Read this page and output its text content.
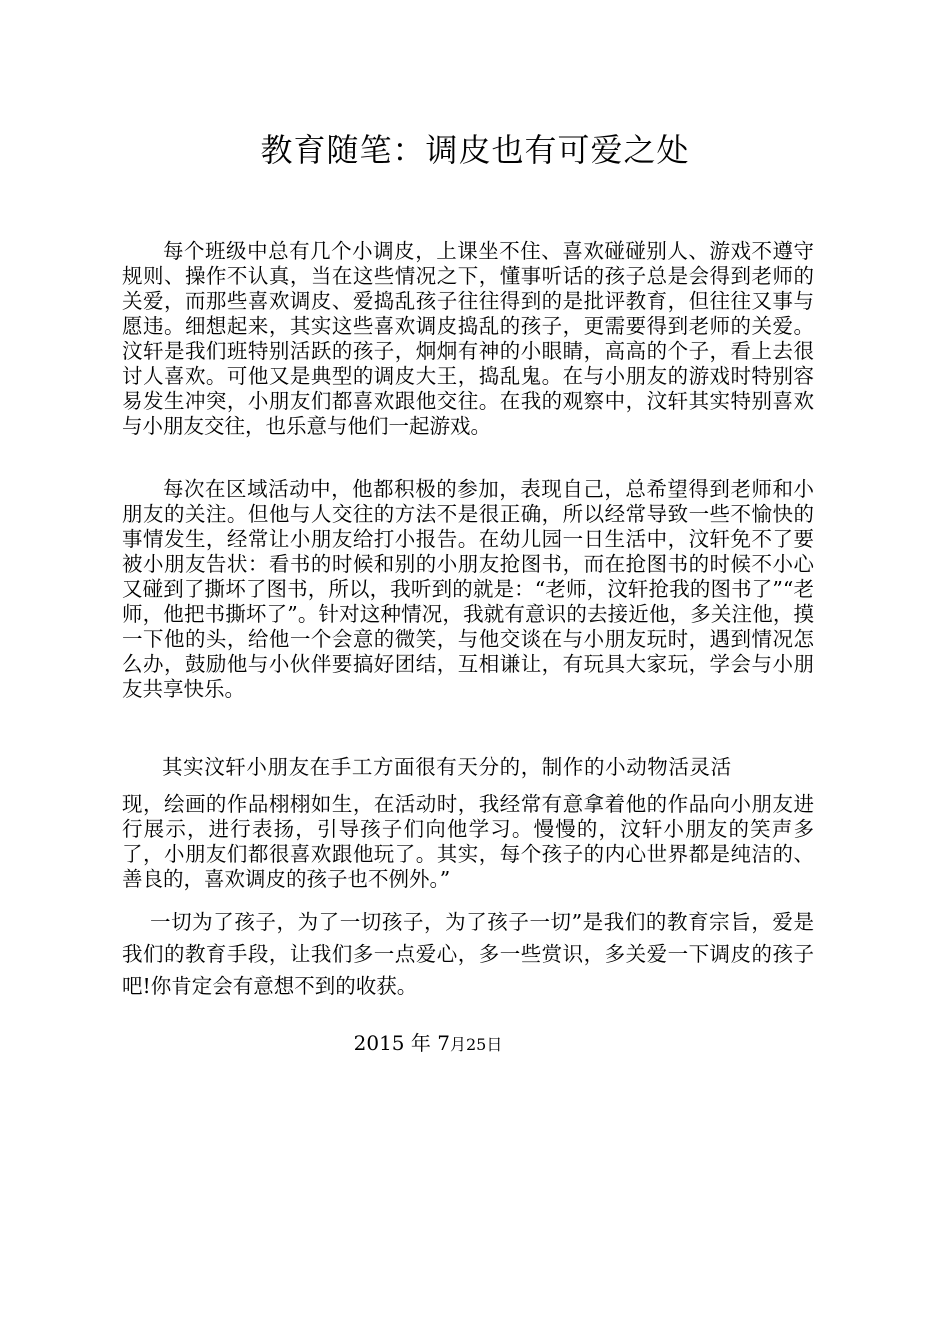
教育随笔：调皮也有可爱之处

每个班级中总有几个小调皮，上课坐不住、喜欢碰碰别人、游戏不遵守规则、操作不认真，当在这些情况之下，懂事听话的孩子总是会得到老师的关爱，而那些喜欢调皮、爱捣乱孩子往往得到的是批评教育，但往往又事与愿违。细想起来，其实这些喜欢调皮捣乱的孩子，更需要得到老师的关爱。汶轩是我们班特别活跃的孩子，炯炯有神的小眼睛，高高的个子，看上去很讨人喜欢。可他又是典型的调皮大王，捣乱鬼。在与小朋友的游戏时特别容易发生冲突，小朋友们都喜欢跟他交往。在我的观察中，汶轩其实特别喜欢与小朋友交往，也乐意与他们一起游戏。

每次在区域活动中，他都积极的参加，表现自己，总希望得到老师和小朋友的关注。但他与人交往的方法不是很正确，所以经常导致一些不愉快的事情发生，经常让小朋友给打小报告。在幼儿园一日生活中，汶轩免不了要被小朋友告状：看书的时候和别的小朋友抢图书，而在抢图书的时候不小心又碰到了撕坏了图书，所以，我听到的就是：“老师，汶轩抢我的图书了”“老师，他把书撕坏了”。针对这种情况，我就有意识的去接近他，多关注他，摸一下他的头，给他一个会意的微笑，与他交谈在与小朋友玩时，遇到情况怎么办，鼓励他与小伙伴要搞好团结，互相谦让，有玩具大家玩，学会与小朋友共享快乐。

其实汶轩小朋友在手工方面很有天分的，制作的小动物活灵活

现，绘画的作品栩栩如生，在活动时，我经常有意拿着他的作品向小朋友进行展示，进行表扬，引导孩子们向他学习。慢慢的，汶轩小朋友的笑声多了，小朋友们都很喜欢跟他玩了。其实，每个孩子的内心世界都是纯洁的、善良的，喜欢调皮的孩子也不例外。”

一切为了孩子，为了一切孩子，为了孩子一切”是我们的教育宗旨，爱是我们的教育手段，让我们多一点爱心，多一些赏识，多关爱一下调皮的孩子吧!你肯定会有意想不到的收获。

2015 年 7月25日
